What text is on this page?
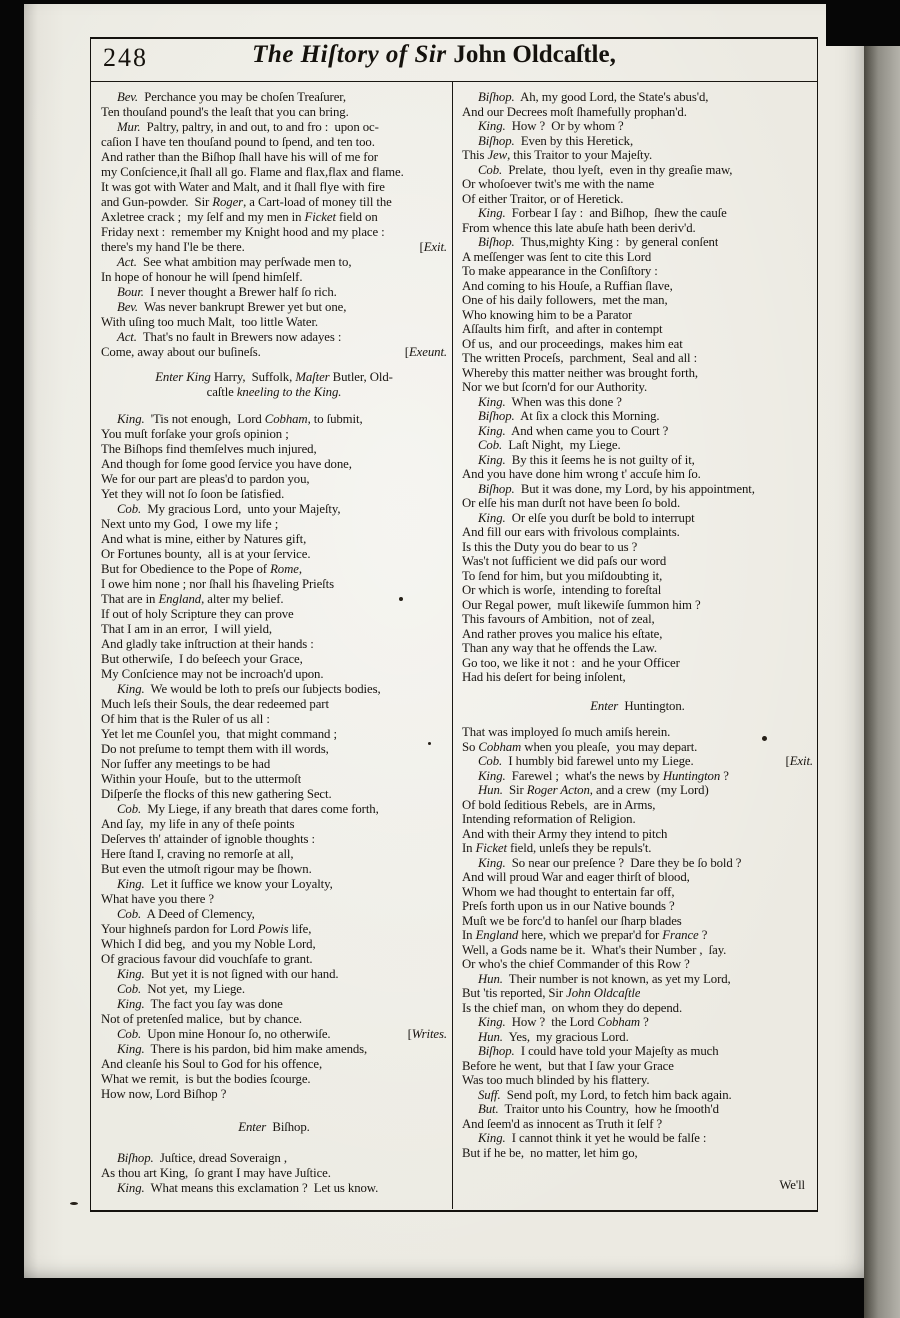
248	The Hiſtory of Sir John Oldcaſtle,
Bev.  Perchance you may be choſen Treaſurer,
Ten thouſand pound's the leaſt that you can bring.
Mur.  Paltry, paltry, in and out, to and fro :  upon oc-
caſion I have ten thouſand pound to ſpend, and ten too.
And rather than the Biſhop ſhall have his will of me for
my Conſcience,it ſhall all go. Flame and flax,flax and flame.
It was got with Water and Malt, and it ſhall flye with fire
and Gun-powder.  Sir Roger, a Cart-load of money till the
Axletree crack ;  my ſelf and my men in Ficket field on
Friday next :  remember my Knight hood and my place :
there's my hand I'le be there.	[Exit.
Act.  See what ambition may perſwade men to,
In hope of honour he will ſpend himſelf.
Bour.  I never thought a Brewer half ſo rich.
Bev.  Was never bankrupt Brewer yet but one,
With uſing too much Malt,  too little Water.
Act.  That's no fault in Brewers now adayes :
Come, away about our buſineſs.	[Exeunt.
Enter King Harry,  Suffolk, Maſter Butler, Old-
caſtle kneeling to the King.
King.  'Tis not enough,  Lord Cobham, to ſubmit,
You muſt forſake your groſs opinion ;
The Biſhops find themſelves much injured,
And though for ſome good ſervice you have done,
We for our part are pleas'd to pardon you,
Yet they will not ſo ſoon be ſatisfied.
Cob.  My gracious Lord,  unto your Majeſty,
Next unto my God,  I owe my life ;
And what is mine, either by Natures gift,
Or Fortunes bounty,  all is at your ſervice.
But for Obedience to the Pope of Rome,
I owe him none ; nor ſhall his ſhaveling Prieſts
That are in England, alter my belief.
If out of holy Scripture they can prove
That I am in an error,  I will yield,
And gladly take inſtruction at their hands :
But otherwiſe,  I do beſeech your Grace,
My Conſcience may not be incroach'd upon.
King.  We would be loth to preſs our ſubjects bodies,
Much leſs their Souls, the dear redeemed part
Of him that is the Ruler of us all :
Yet let me Counſel you,  that might command ;
Do not preſume to tempt them with ill words,
Nor ſuffer any meetings to be had
Within your Houſe,  but to the uttermoſt
Diſperſe the flocks of this new gathering Sect.
Cob.  My Liege, if any breath that dares come forth,
And ſay,  my life in any of theſe points
Deſerves th' attainder of ignoble thoughts :
Here ſtand I, craving no remorſe at all,
But even the utmoſt rigour may be ſhown.
King.  Let it ſuffice we know your Loyalty,
What have you there ?
Cob.  A Deed of Clemency,
Your highneſs pardon for Lord Powis life,
Which I did beg,  and you my Noble Lord,
Of gracious favour did vouchſafe to grant.
King.  But yet it is not ſigned with our hand.
Cob.  Not yet,  my Liege.
King.  The fact you ſay was done
Not of pretenſed malice,  but by chance.
Cob.  Upon mine Honour ſo, no otherwiſe.	[Writes.
King.  There is his pardon, bid him make amends,
And cleanſe his Soul to God for his offence,
What we remit,  is but the bodies ſcourge.
How now, Lord Biſhop ?
Enter  Biſhop.
Biſhop.  Juſtice, dread Soveraign ,
As thou art King,  ſo grant I may have Juſtice.
King.  What means this exclamation ?  Let us know.
Biſhop.  Ah, my good Lord, the State's abus'd,
And our Decrees moſt ſhamefully prophan'd.
King.  How ?  Or by whom ?
Biſhop.  Even by this Heretick,
This Jew, this Traitor to your Majeſty.
Cob.  Prelate,  thou lyeſt,  even in thy greaſie maw,
Or whoſoever twit's me with the name
Of either Traitor, or of Heretick.
King.  Forbear I ſay :  and Biſhop,  ſhew the cauſe
From whence this late abuſe hath been deriv'd.
Biſhop.  Thus,mighty King :  by general conſent
A meſſenger was ſent to cite this Lord
To make appearance in the Conſiſtory :
And coming to his Houſe, a Ruffian ſlave,
One of his daily followers,  met the man,
Who knowing him to be a Parator
Aſſaults him firſt,  and after in contempt
Of us,  and our proceedings,  makes him eat
The written Proceſs,  parchment,  Seal and all :
Whereby this matter neither was brought forth,
Nor we but ſcorn'd for our Authority.
King.  When was this done ?
Biſhop.  At ſix a clock this Morning.
King.  And when came you to Court ?
Cob.  Laſt Night,  my Liege.
King.  By this it ſeems he is not guilty of it,
And you have done him wrong t' accuſe him ſo.
Biſhop.  But it was done, my Lord, by his appointment,
Or elſe his man durſt not have been ſo bold.
King.  Or elſe you durſt be bold to interrupt
And fill our ears with frivolous complaints.
Is this the Duty you do bear to us ?
Was't not ſufficient we did paſs our word
To ſend for him, but you miſdoubting it,
Or which is worſe,  intending to foreſtal
Our Regal power,  muſt likewiſe ſummon him ?
This favours of Ambition,  not of zeal,
And rather proves you malice his eſtate,
Than any way that he offends the Law.
Go too, we like it not :  and he your Officer
Had his deſert for being inſolent,
Enter  Huntington.
That was imployed ſo much amiſs herein.
So Cobham when you pleaſe,  you may depart.
Cob.  I humbly bid farewel unto my Liege.	[Exit.
King.  Farewel ;  what's the news by Huntington ?
Hun.  Sir Roger Acton, and a crew  (my Lord)
Of bold ſeditious Rebels,  are in Arms,
Intending reformation of Religion.
And with their Army they intend to pitch
In Ficket field, unleſs they be repuls't.
King.  So near our preſence ?  Dare they be ſo bold ?
And will proud War and eager thirſt of blood,
Whom we had thought to entertain far off,
Preſs forth upon us in our Native bounds ?
Muſt we be forc'd to hanſel our ſharp blades
In England here, which we prepar'd for France ?
Well, a Gods name be it.  What's their Number ,  ſay.
Or who's the chief Commander of this Row ?
Hun.  Their number is not known, as yet my Lord,
But 'tis reported, Sir John Oldcaſtle
Is the chief man,  on whom they do depend.
King.  How ?  the Lord Cobham ?
Hun.  Yes,  my gracious Lord.
Biſhop.  I could have told your Majeſty as much
Before he went,  but that I ſaw your Grace
Was too much blinded by his flattery.
Suff.  Send poſt, my Lord, to fetch him back again.
But.  Traitor unto his Country,  how he ſmooth'd
And ſeem'd as innocent as Truth it ſelf ?
King.  I cannot think it yet he would be falſe :
But if he be,  no matter, let him go,
We'll
